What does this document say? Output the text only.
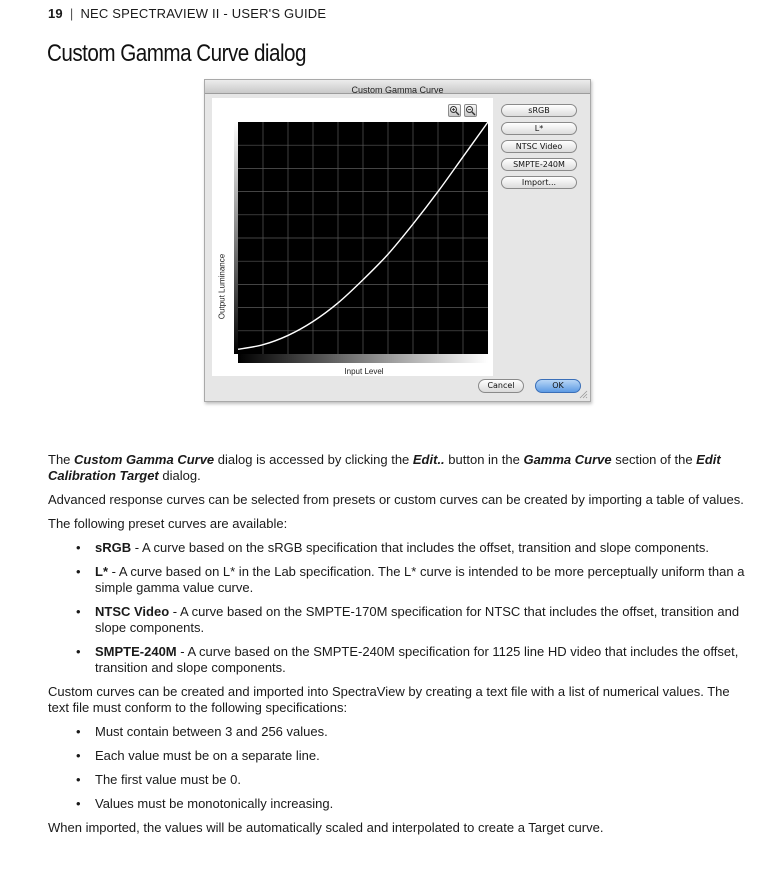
19 | NEC SPECTRAVIEW II - USER'S GUIDE
Custom Gamma Curve dialog
Custom Gamma Curve
Output Luminance
Input Level
sRGB
L*
NTSC Video
SMPTE-240M
Import...
Cancel	OK

The Custom Gamma Curve dialog is accessed by clicking the Edit.. button in the Gamma Curve section of the Edit Calibration Target dialog.

Advanced response curves can be selected from presets or custom curves can be created by importing a table of values.

The following preset curves are available:

• sRGB - A curve based on the sRGB specification that includes the offset, transition and slope components.
• L* - A curve based on L* in the Lab specification. The L* curve is intended to be more perceptually uniform than a simple gamma value curve.
• NTSC Video - A curve based on the SMPTE-170M specification for NTSC that includes the offset, transition and slope components.
• SMPTE-240M - A curve based on the SMPTE-240M specification for 1125 line HD video that includes the offset, transition and slope components.

Custom curves can be created and imported into SpectraView by creating a text file with a list of numerical values. The text file must conform to the following specifications:

• Must contain between 3 and 256 values.
• Each value must be on a separate line.
• The first value must be 0.
• Values must be monotonically increasing.

When imported, the values will be automatically scaled and interpolated to create a Target curve.
